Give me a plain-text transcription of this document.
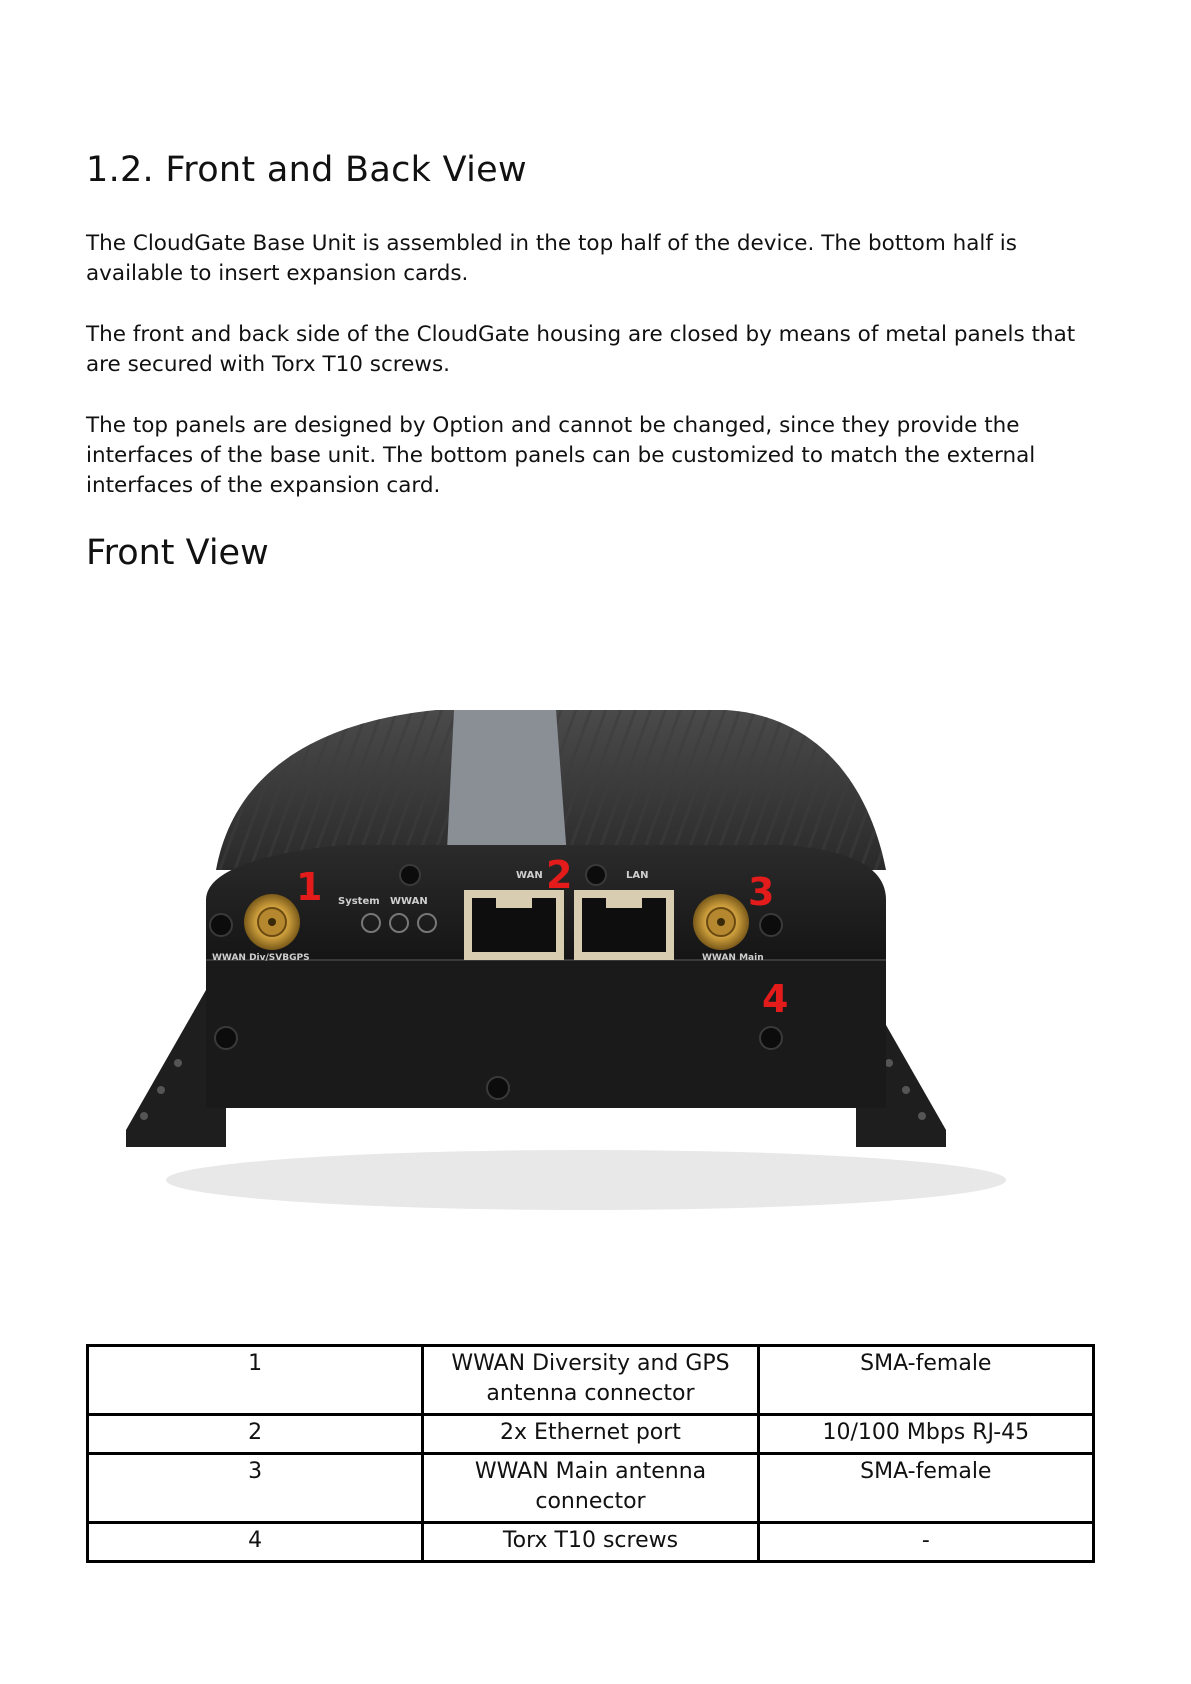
1.2. Front and Back View

The CloudGate Base Unit is assembled in the top half of the device. The bottom half is available to insert expansion cards.

The front and back side of the CloudGate housing are closed by means of metal panels that are secured with Torx T10 screws.

The top panels are designed by Option and cannot be changed, since they provide the interfaces of the base unit. The bottom panels can be customized to match the external interfaces of the expansion card.

Front View
System WWAN
WAN	LAN
WWAN Div/SVBGPS	WWAN Main
1	2	3
4
1	WWAN Diversity and GPS antenna connector	SMA-female
2	2x Ethernet port	10/100 Mbps RJ-45
3	WWAN Main antenna connector	SMA-female
4	Torx T10 screws	-
